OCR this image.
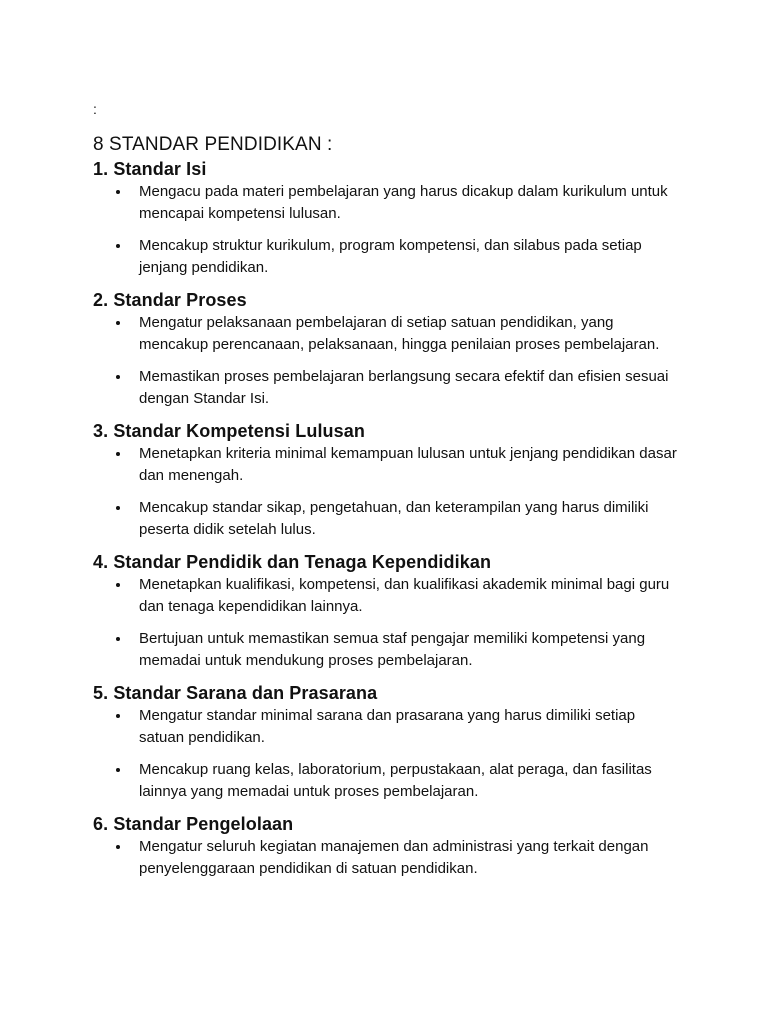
:
8 STANDAR PENDIDIKAN :
1. Standar Isi
Mengacu pada materi pembelajaran yang harus dicakup dalam kurikulum untuk mencapai kompetensi lulusan.
Mencakup struktur kurikulum, program kompetensi, dan silabus pada setiap jenjang pendidikan.
2. Standar Proses
Mengatur pelaksanaan pembelajaran di setiap satuan pendidikan, yang mencakup perencanaan, pelaksanaan, hingga penilaian proses pembelajaran.
Memastikan proses pembelajaran berlangsung secara efektif dan efisien sesuai dengan Standar Isi.
3. Standar Kompetensi Lulusan
Menetapkan kriteria minimal kemampuan lulusan untuk jenjang pendidikan dasar dan menengah.
Mencakup standar sikap, pengetahuan, dan keterampilan yang harus dimiliki peserta didik setelah lulus.
4. Standar Pendidik dan Tenaga Kependidikan
Menetapkan kualifikasi, kompetensi, dan kualifikasi akademik minimal bagi guru dan tenaga kependidikan lainnya.
Bertujuan untuk memastikan semua staf pengajar memiliki kompetensi yang memadai untuk mendukung proses pembelajaran.
5. Standar Sarana dan Prasarana
Mengatur standar minimal sarana dan prasarana yang harus dimiliki setiap satuan pendidikan.
Mencakup ruang kelas, laboratorium, perpustakaan, alat peraga, dan fasilitas lainnya yang memadai untuk proses pembelajaran.
6. Standar Pengelolaan
Mengatur seluruh kegiatan manajemen dan administrasi yang terkait dengan penyelenggaraan pendidikan di satuan pendidikan.
